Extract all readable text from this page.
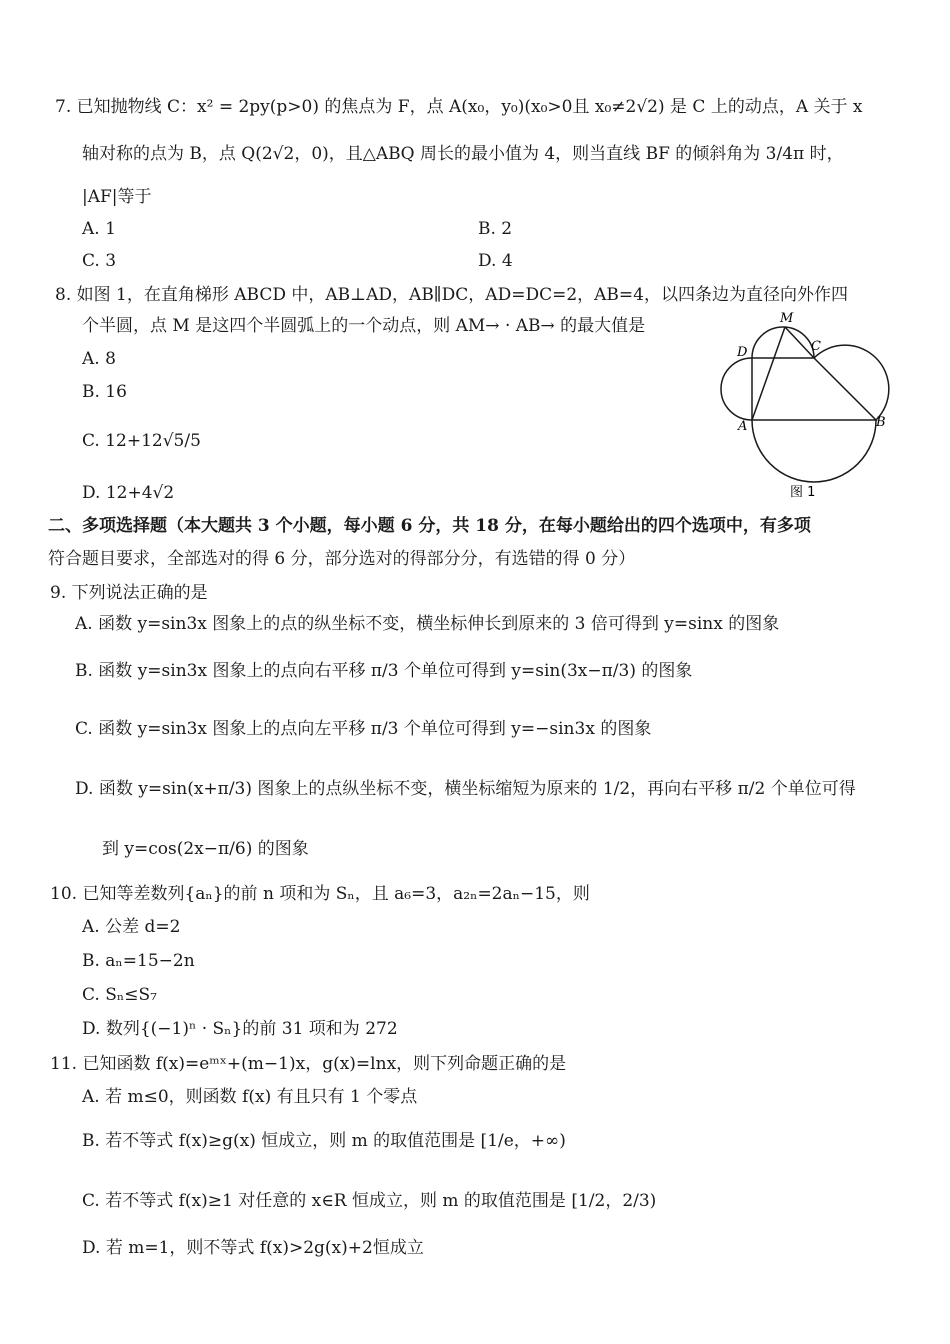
7. 已知抛物线 C：x² = 2py(p>0) 的焦点为 F，点 A(x₀，y₀)(x₀>0且 x₀≠2√2) 是 C 上的动点，A 关于 x
轴对称的点为 B，点 Q(2√2，0)，且△ABQ 周长的最小值为 4，则当直线 BF 的倾斜角为 3/4π 时，
|AF|等于
A. 1	B. 2
C. 3	D. 4
8. 如图 1，在直角梯形 ABCD 中，AB⊥AD，AB∥DC，AD=DC=2，AB=4，以四条边为直径向外作四
个半圆，点 M 是这四个半圆弧上的一个动点，则 AM→ · AB→ 的最大值是
A. 8
B. 16
C. 12+12√5/5
D. 12+4√2
M
D	C
A	B
图 1
二、多项选择题（本大题共 3 个小题，每小题 6 分，共 18 分，在每小题给出的四个选项中，有多项
符合题目要求，全部选对的得 6 分，部分选对的得部分分，有选错的得 0 分）
9. 下列说法正确的是
A. 函数 y=sin3x 图象上的点的纵坐标不变，横坐标伸长到原来的 3 倍可得到 y=sinx 的图象
B. 函数 y=sin3x 图象上的点向右平移 π/3 个单位可得到 y=sin(3x−π/3) 的图象
C. 函数 y=sin3x 图象上的点向左平移 π/3 个单位可得到 y=−sin3x 的图象
D. 函数 y=sin(x+π/3) 图象上的点纵坐标不变，横坐标缩短为原来的 1/2，再向右平移 π/2 个单位可得
到 y=cos(2x−π/6) 的图象
10. 已知等差数列{aₙ}的前 n 项和为 Sₙ，且 a₆=3，a₂ₙ=2aₙ−15，则
A. 公差 d=2
B. aₙ=15−2n
C. Sₙ≤S₇
D. 数列{(−1)ⁿ · Sₙ}的前 31 项和为 272
11. 已知函数 f(x)=eᵐˣ+(m−1)x，g(x)=lnx，则下列命题正确的是
A. 若 m≤0，则函数 f(x) 有且只有 1 个零点
B. 若不等式 f(x)≥g(x) 恒成立，则 m 的取值范围是 [1/e，+∞)
C. 若不等式 f(x)≥1 对任意的 x∈R 恒成立，则 m 的取值范围是 [1/2，2/3)
D. 若 m=1，则不等式 f(x)>2g(x)+2恒成立
